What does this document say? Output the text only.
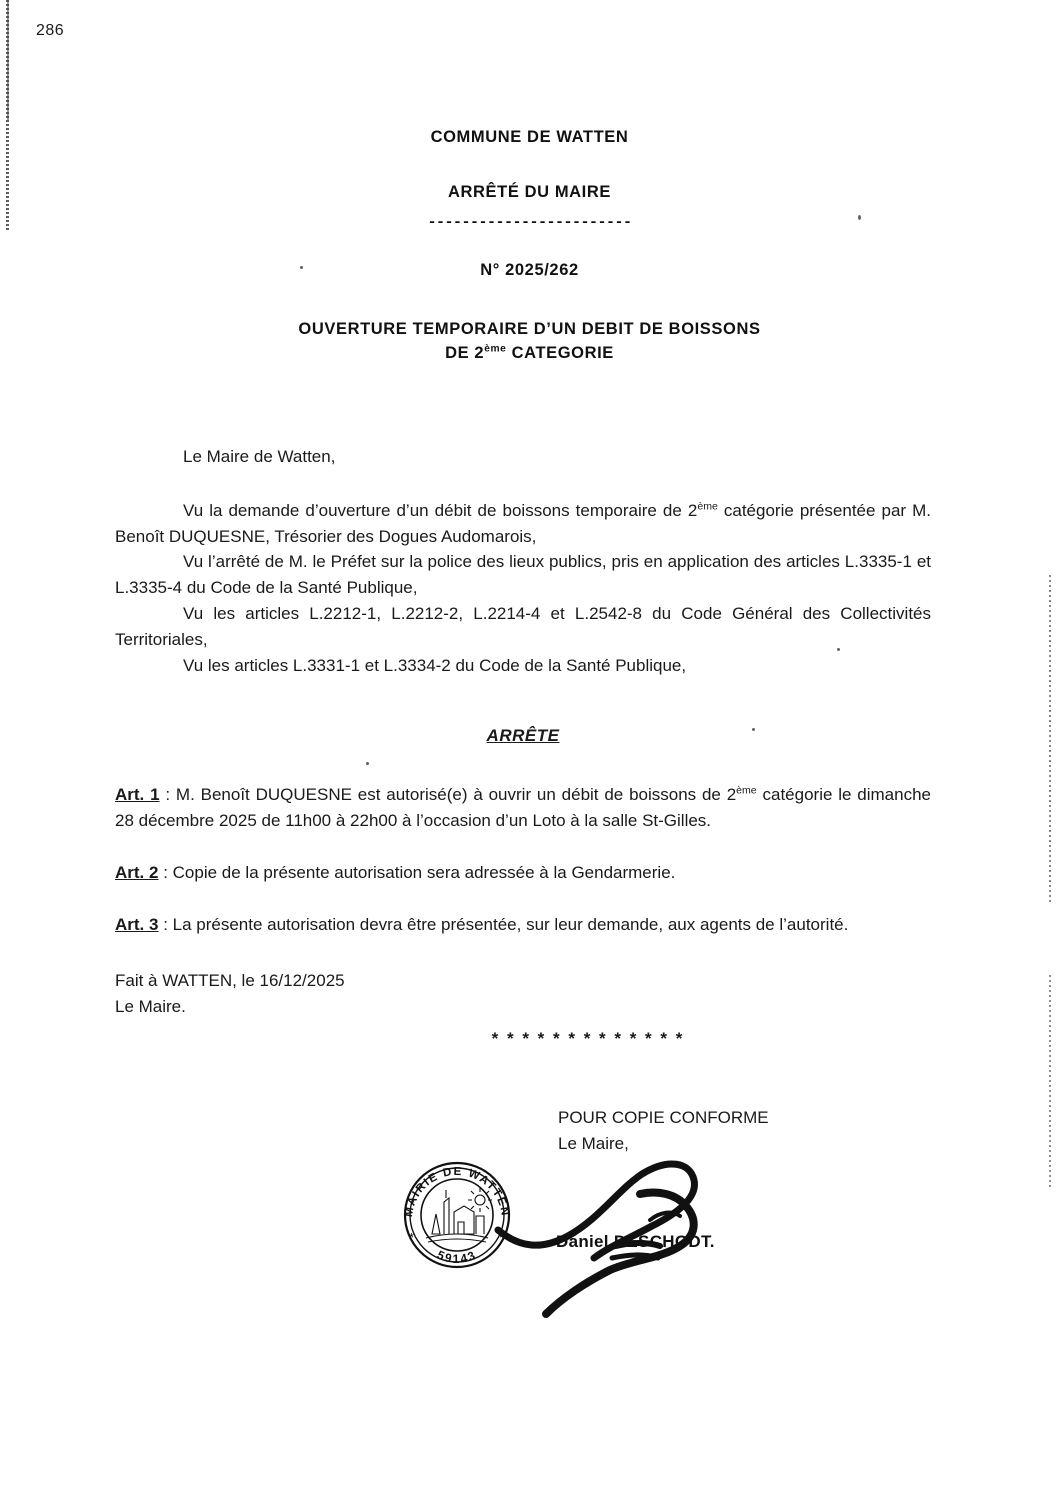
286
COMMUNE DE WATTEN
ARRÊTÉ DU MAIRE
------------------------
N° 2025/262
OUVERTURE TEMPORAIRE D’UN DEBIT DE BOISSONS
DE 2ème CATEGORIE
Le Maire de Watten,

Vu la demande d’ouverture d’un débit de boissons temporaire de 2ème catégorie présentée par M. Benoît DUQUESNE, Trésorier des Dogues Audomarois,

Vu l’arrêté de M. le Préfet sur la police des lieux publics, pris en application des articles L.3335-1 et L.3335-4 du Code de la Santé Publique,

Vu les articles L.2212-1, L.2212-2, L.2214-4 et L.2542-8 du Code Général des Collectivités Territoriales,

Vu les articles L.3331-1 et L.3334-2 du Code de la Santé Publique,

ARRÊTE

Art. 1 : M. Benoît DUQUESNE est autorisé(e) à ouvrir un débit de boissons de 2ème catégorie le dimanche 28 décembre 2025 de 11h00 à 22h00 à l’occasion d’un Loto à la salle St-Gilles.

Art. 2 : Copie de la présente autorisation sera adressée à la Gendarmerie.

Art. 3 : La présente autorisation devra être présentée, sur leur demande, aux agents de l’autorité.

Fait à WATTEN, le 16/12/2025
Le Maire.
* * * * * * * * * * * * *
POUR COPIE CONFORME
Le Maire,
MAIRIE DE WATTEN
59143
*	*	Daniel DESCHODT.
